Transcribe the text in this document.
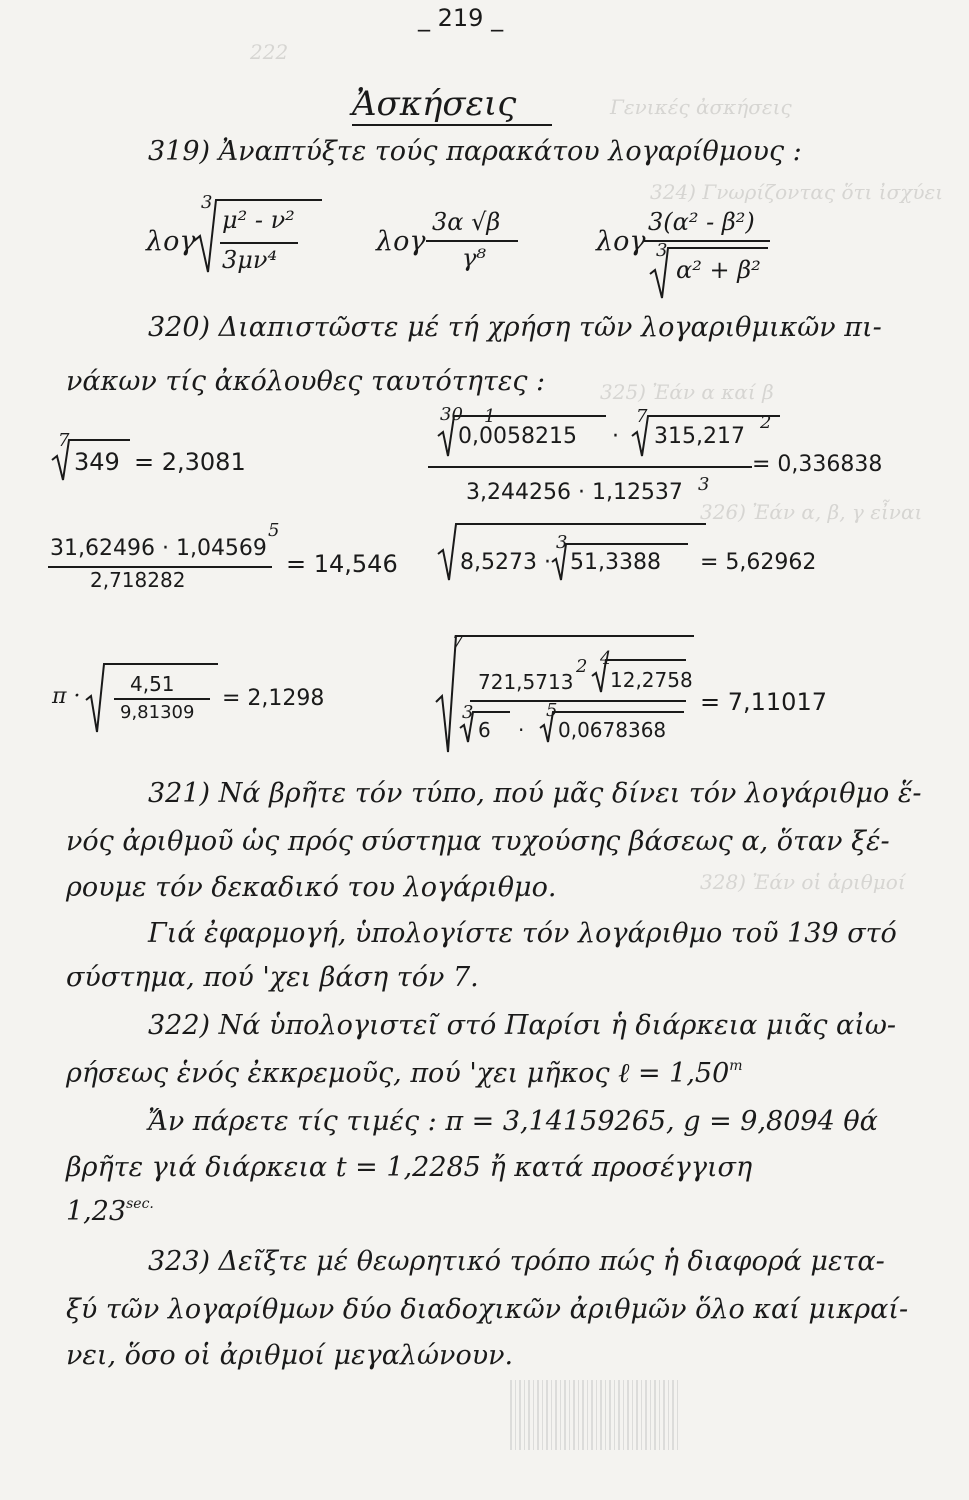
222
Γενικές ἀσκήσεις
324) Γνωρίζοντας ὅτι ἰσχύει
325) Ἐάν α καί β
326) Ἐάν α, β, γ εἶναι
328) Ἐάν οἱ ἀριθμοί
_ 219 _
Ἀσκήσεις
319) Ἀναπτύξτε τούς παρακάτου λογαρίθμους :
λογ
3
μ² - ν²
3μν⁴
λογ
3α √β
γ⁸
λογ
3(α² - β²)
3
α² + β²
320) Διαπιστῶστε μέ τή χρήση τῶν λογαριθμικῶν πι-
νάκων τίς ἀκόλουθες ταυτότητες :
7
349 = 2,3081
30
0,0058215
1
·
7
315,217
2
= 0,336838
3,244256 · 1,12537 3
31,62496 · 1,04569
5
2,718282
= 14,546	8,5273 ·
3
51,3388 = 5,62962
π · 4,51
9,81309
= 2,1298
7
721,5713
2 4
12,2758
3
6 ·
5
0,0678368
= 7,11017
321) Νά βρῆτε τόν τύπο, πού μᾶς δίνει τόν λογάριθμο ἕ-
νός ἀριθμοῦ ὡς πρός σύστημα τυχούσης βάσεως α, ὅταν ξέ-
ρουμε τόν δεκαδικό του λογάριθμο.
Γιά ἐφαρμογή, ὑπολογίστε τόν λογάριθμο τοῦ 139 στό
σύστημα, πού 'χει βάση τόν 7.
322) Νά ὑπολογιστεῖ στό Παρίσι ἡ διάρκεια μιᾶς αἰω-
ρήσεως ἑνός ἐκκρεμοῦς, πού 'χει μῆκος ℓ = $1,50^m$
Ἄν πάρετε τίς τιμές : π = 3,14159265, g = 9,8094 θά
βρῆτε γιά διάρκεια t = 1,2285 ἤ κατά προσέγγιση
$1,23^{sec.}$
323) Δεῖξτε μέ θεωρητικό τρόπο πώς ἡ διαφορά μετα-
ξύ τῶν λογαρίθμων δύο διαδοχικῶν ἀριθμῶν ὅλο καί μικραί-
νει, ὅσο οἱ ἀριθμοί μεγαλώνουν.
